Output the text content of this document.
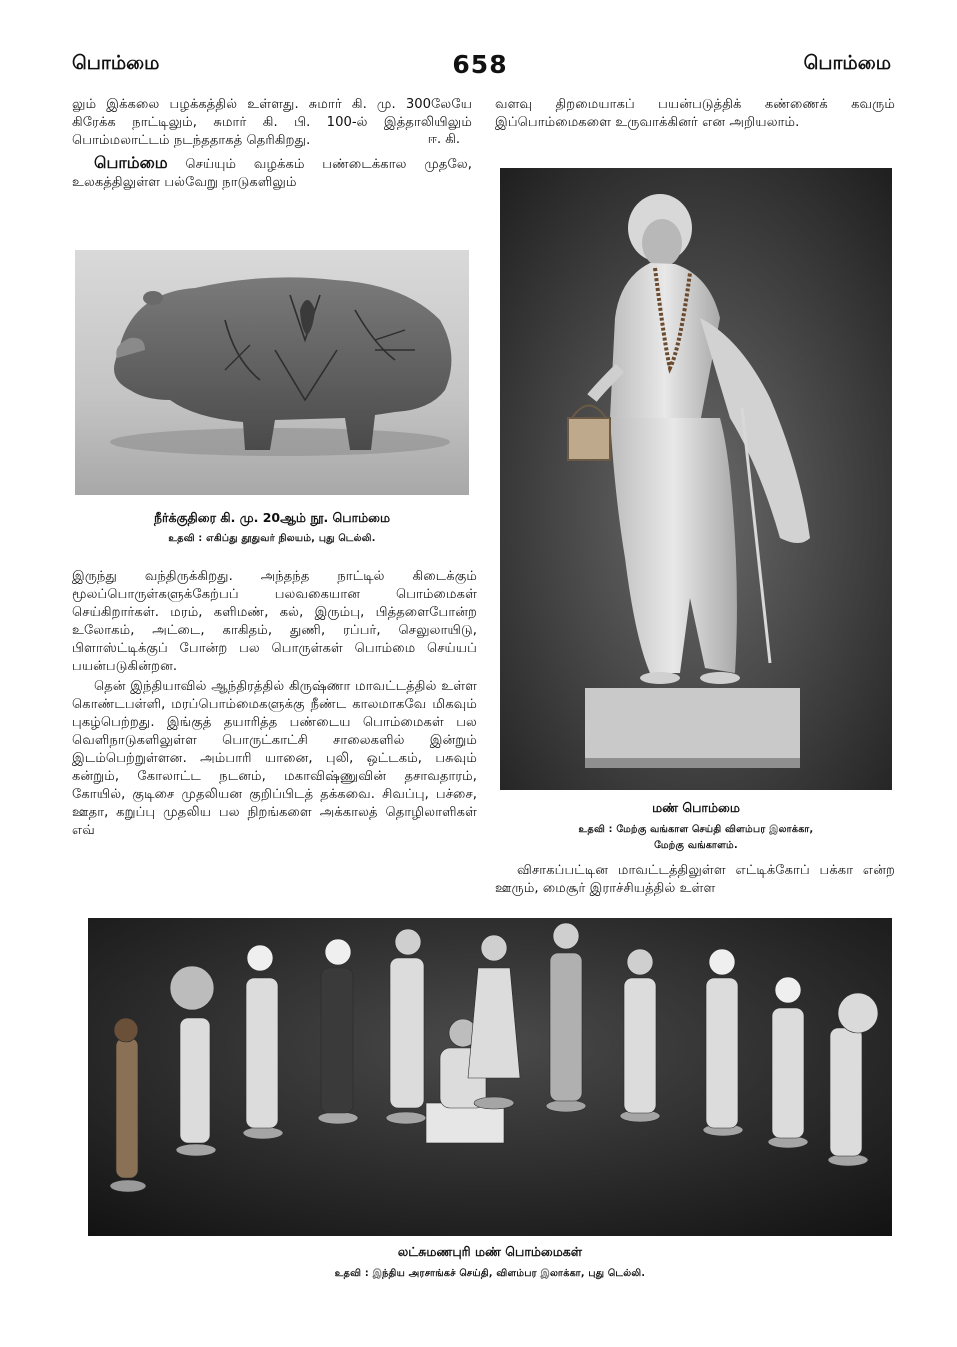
பொம்மை	658	பொம்மை

லும் இக்கலை பழக்கத்தில் உள்ளது. சுமார் கி. மு. 300லேயே கிரேக்க நாட்டிலும், சுமார் கி. பி. 100-ல் இத்தாலியிலும் பொம்மலாட்டம் நடந்ததாகத் தெரிகிறது.	ஈ. கி.

பொம்மை செய்யும் வழக்கம் பண்டைக்கால முதலே, உலகத்திலுள்ள பல்வேறு நாடுகளிலும்

நீர்க்குதிரை கி. மு. 20ஆம் நூ. பொம்மை
உதவி : எகிப்து தூதுவர் நிலயம், புது டெல்லி.

இருந்து வந்திருக்கிறது. அந்தந்த நாட்டில் கிடைக்கும் மூலப்பொருள்களுக்கேற்பப் பலவகையான பொம்மைகள் செய்கிறார்கள். மரம், களிமண், கல், இரும்பு, பித்தளைபோன்ற உலோகம், அட்டை, காகிதம், துணி, ரப்பர், செலுலாயிடு, பிளாஸ்ட்டிக்குப் போன்ற பல பொருள்கள் பொம்மை செய்யப் பயன்படுகின்றன.

தென் இந்தியாவில் ஆந்திரத்தில் கிருஷ்ணா மாவட்டத்தில் உள்ள கொண்டபள்ளி, மரப்பொம்மைகளுக்கு நீண்ட காலமாகவே மிகவும் புகழ்பெற்றது. இங்குத் தயாரித்த பண்டைய பொம்மைகள் பல வெளிநாடுகளிலுள்ள பொருட்காட்சி சாலைகளில் இன்றும் இடம்பெற்றுள்ளன. அம்பாரி யானை, புலி, ஒட்டகம், பசுவும் கன்றும், கோலாட்ட நடனம், மகாவிஷ்ணுவின் தசாவதாரம், கோயில், குடிசை முதலியன குறிப்பிடத் தக்கவை. சிவப்பு, பச்சை, ஊதா, கறுப்பு முதலிய பல நிறங்களை அக்காலத் தொழிலாளிகள் எவ்

வளவு திறமையாகப் பயன்படுத்திக் கண்ணைக் கவரும் இப்பொம்மைகளை உருவாக்கினர் என அறியலாம்.

மண் பொம்மை
உதவி : மேற்கு வங்காள செய்தி விளம்பர இலாக்கா,
மேற்கு வங்காளம்.

விசாகப்பட்டின மாவட்டத்திலுள்ள எட்டிக்கோப் பக்கா என்ற ஊரும், மைசூர் இராச்சியத்தில் உள்ள

லட்சுமணபுரி மண் பொம்மைகள்
உதவி : இந்திய அரசாங்கச் செய்தி, விளம்பர இலாக்கா, புது டெல்லி.
